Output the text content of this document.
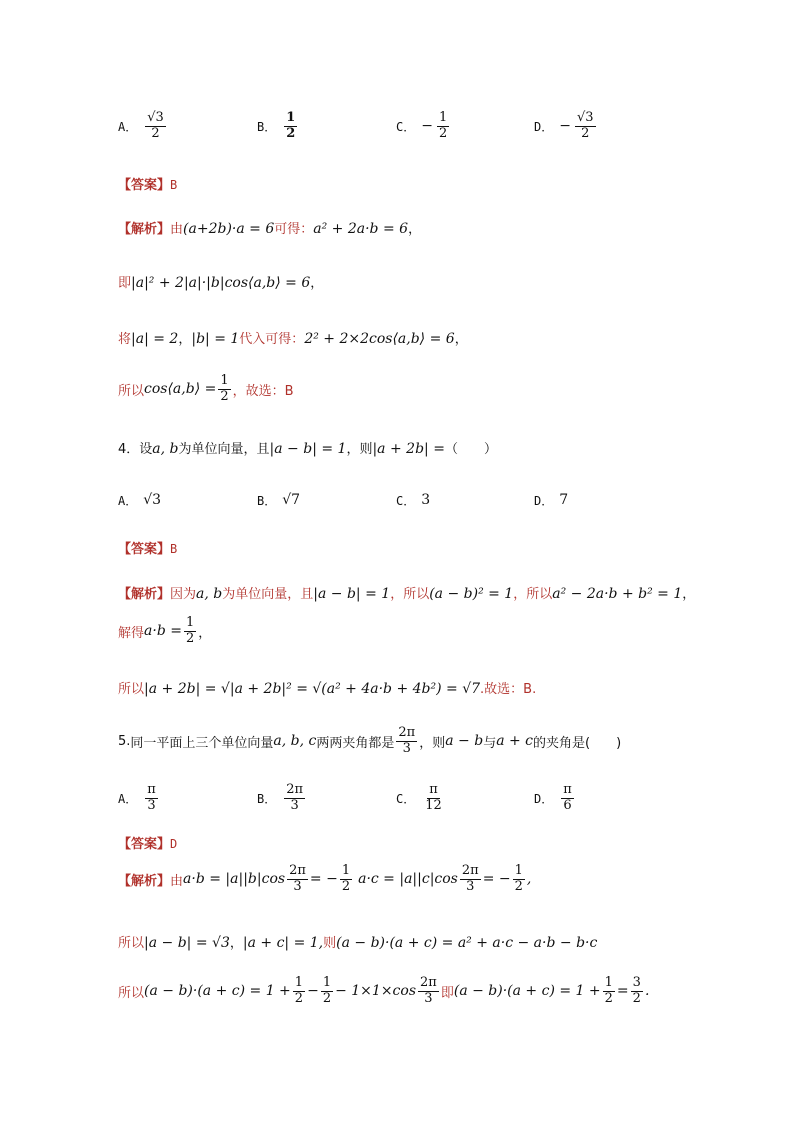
A． $\frac{√3}{2}$	B． $\frac{1}{2}$	C． − $\frac{1}{2}$	D． − $\frac{√3}{2}$
【答案】B
【解析】由(a+2b)·a = 6可得：a² + 2a·b = 6，
即|a|² + 2|a|·|b|cos⟨a,b⟩ = 6，
将|a| = 2，|b| = 1代入可得：2² + 2×2cos⟨a,b⟩ = 6，
所以 cos⟨a,b⟩ = $\frac{1}{2}$ ，故选：B
4．设a, b为单位向量，且|a − b| = 1，则|a + 2b| =（　　）
A． √3	B． √7	C． 3	D． 7
【答案】B
【解析】因为a, b为单位向量，且|a − b| = 1，所以(a − b)² = 1，所以a² − 2a·b + b² = 1，
解得 $a\cdot b = \frac{1}{2}$ ，
所以|a + 2b| = √|a + 2b|² = √(a² + 4a·b + 4b²) = √7.故选：B.
5. 同一平面上三个单位向量 a, b, c 两两夹角都是 $\frac{2\pi}{3}$ ，则 a − b 与 a + c 的夹角是(　　)
A． $\frac{\pi}{3}$	B． $\frac{2\pi}{3}$	C． $\frac{\pi}{12}$	D． $\frac{\pi}{6}$
【答案】D
【解析】 由 $a\cdot b = |a||b|\cos \frac{2\pi}{3}$ = − $\frac{1}{2} a\cdot c = |a||c|\cos \frac{2\pi}{3}$ = − $\frac{1}{2}$ ,
所以|a − b| = √3，|a + c| = 1,则(a − b)·(a + c) = a² + a·c − a·b − b·c
所以 $(a - b)\cdot(a + c) = 1 + \frac{1}{2} - \frac{1}{2} - 1\times 1\times\cos \frac{2\pi}{3}$ 即 $(a - b)\cdot(a + c) = 1 + \frac{1}{2} = \frac{3}{2}$ .
